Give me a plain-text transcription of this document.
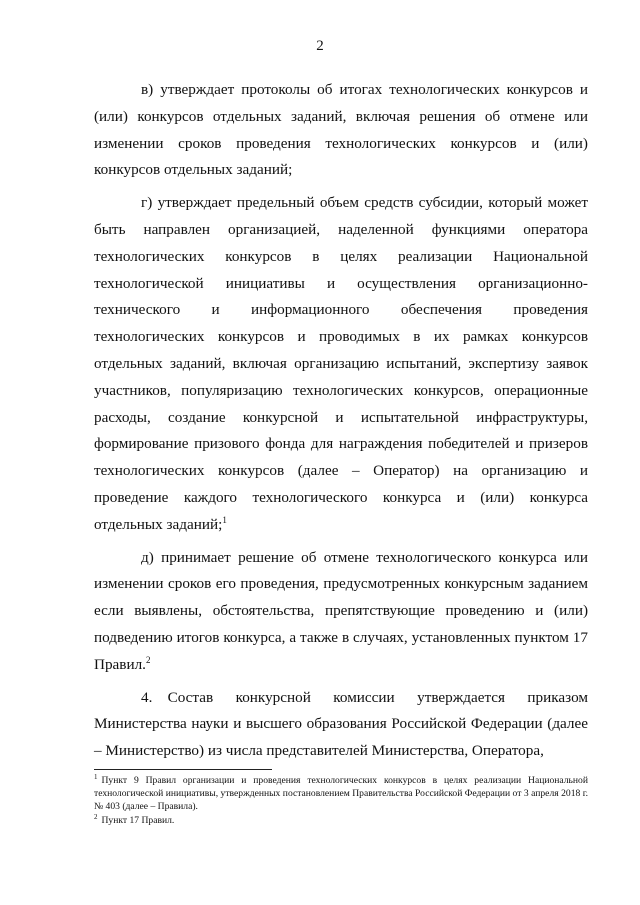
2

в) утверждает протоколы об итогах технологических конкурсов и (или) конкурсов отдельных заданий, включая решения об отмене или изменении сроков проведения технологических конкурсов и (или) конкурсов отдельных заданий;

г) утверждает предельный объем средств субсидии, который может быть направлен организацией, наделенной функциями оператора технологических конкурсов в целях реализации Национальной технологической инициативы и осуществления организационно-технического и информационного обеспечения проведения технологических конкурсов и проводимых в их рамках конкурсов отдельных заданий, включая организацию испытаний, экспертизу заявок участников, популяризацию технологических конкурсов, операционные расходы, создание конкурсной и испытательной инфраструктуры, формирование призового фонда для награждения победителей и призеров технологических конкурсов (далее – Оператор) на организацию и проведение каждого технологического конкурса и (или) конкурса отдельных заданий;$^1$

д) принимает решение об отмене технологического конкурса или изменении сроков его проведения, предусмотренных конкурсным заданием если выявлены, обстоятельства, препятствующие проведению и (или) подведению итогов конкурса, а также в случаях, установленных пунктом 17 Правил.$^2$

4. Состав конкурсной комиссии утверждается приказом Министерства науки и высшего образования Российской Федерации (далее – Министерство) из числа представителей Министерства, Оператора,

$^1$ Пункт 9 Правил организации и проведения технологических конкурсов в целях реализации Национальной технологической инициативы, утвержденных постановлением Правительства Российской Федерации от 3 апреля 2018 г. № 403 (далее – Правила).

$^2$ Пункт 17 Правил.
